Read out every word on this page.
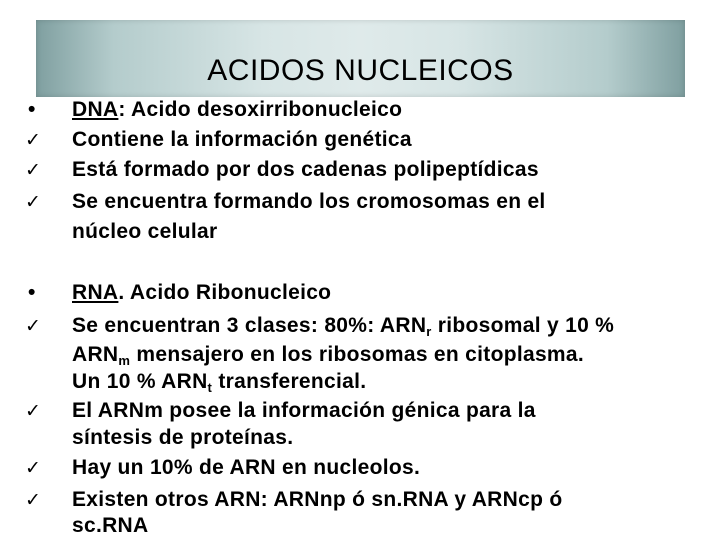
ACIDOS NUCLEICOS
•	DNA: Acido desoxirribonucleico
✓	Contiene la información genética
✓	Está formado por dos cadenas polipeptídicas
✓	Se encuentra formando los cromosomas en el
núcleo celular
•	RNA. Acido Ribonucleico
✓	Se encuentran 3 clases: 80%: $ARN_r$ ribosomal y 10 %
$ARN_m$ mensajero en los ribosomas en citoplasma.
Un 10 % $ARN_t$ transferencial.
✓	El ARNm posee la información génica para la
síntesis de proteínas.
✓	Hay un 10% de ARN en nucleolos.
✓	Existen otros ARN: ARNnp ó sn.RNA y ARNcp ó
sc.RNA
